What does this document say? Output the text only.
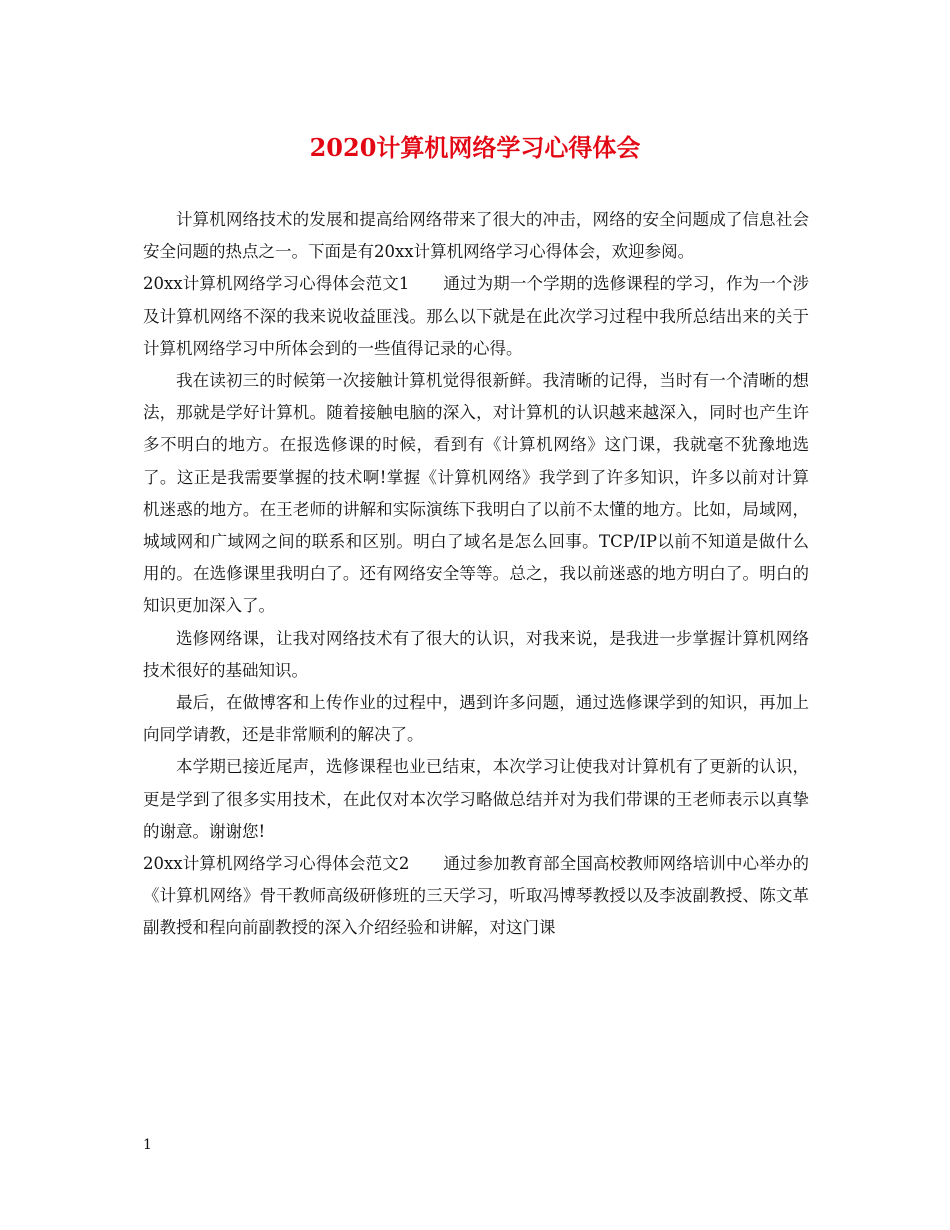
2020计算机网络学习心得体会

计算机网络技术的发展和提高给网络带来了很大的冲击，网络的安全问题成了信息社会安全问题的热点之一。下面是有20xx计算机网络学习心得体会，欢迎参阅。

20xx计算机网络学习心得体会范文1 通过为期一个学期的选修课程的学习，作为一个涉及计算机网络不深的我来说收益匪浅。那么以下就是在此次学习过程中我所总结出来的关于计算机网络学习中所体会到的一些值得记录的心得。

我在读初三的时候第一次接触计算机觉得很新鲜。我清晰的记得，当时有一个清晰的想法，那就是学好计算机。随着接触电脑的深入，对计算机的认识越来越深入，同时也产生许多不明白的地方。在报选修课的时候，看到有《计算机网络》这门课，我就毫不犹豫地选了。这正是我需要掌握的技术啊!掌握《计算机网络》我学到了许多知识，许多以前对计算机迷惑的地方。在王老师的讲解和实际演练下我明白了以前不太懂的地方。比如，局域网，城域网和广域网之间的联系和区别。明白了域名是怎么回事。TCP/IP以前不知道是做什么用的。在选修课里我明白了。还有网络安全等等。总之，我以前迷惑的地方明白了。明白的知识更加深入了。

选修网络课，让我对网络技术有了很大的认识，对我来说，是我进一步掌握计算机网络技术很好的基础知识。

最后，在做博客和上传作业的过程中，遇到许多问题，通过选修课学到的知识，再加上向同学请教，还是非常顺利的解决了。

本学期已接近尾声，选修课程也业已结束，本次学习让使我对计算机有了更新的认识，更是学到了很多实用技术，在此仅对本次学习略做总结并对为我们带课的王老师表示以真挚的谢意。谢谢您!

20xx计算机网络学习心得体会范文2 通过参加教育部全国高校教师网络培训中心举办的《计算机网络》骨干教师高级研修班的三天学习，听取冯博琴教授以及李波副教授、陈文革副教授和程向前副教授的深入介绍经验和讲解，对这门课

1
